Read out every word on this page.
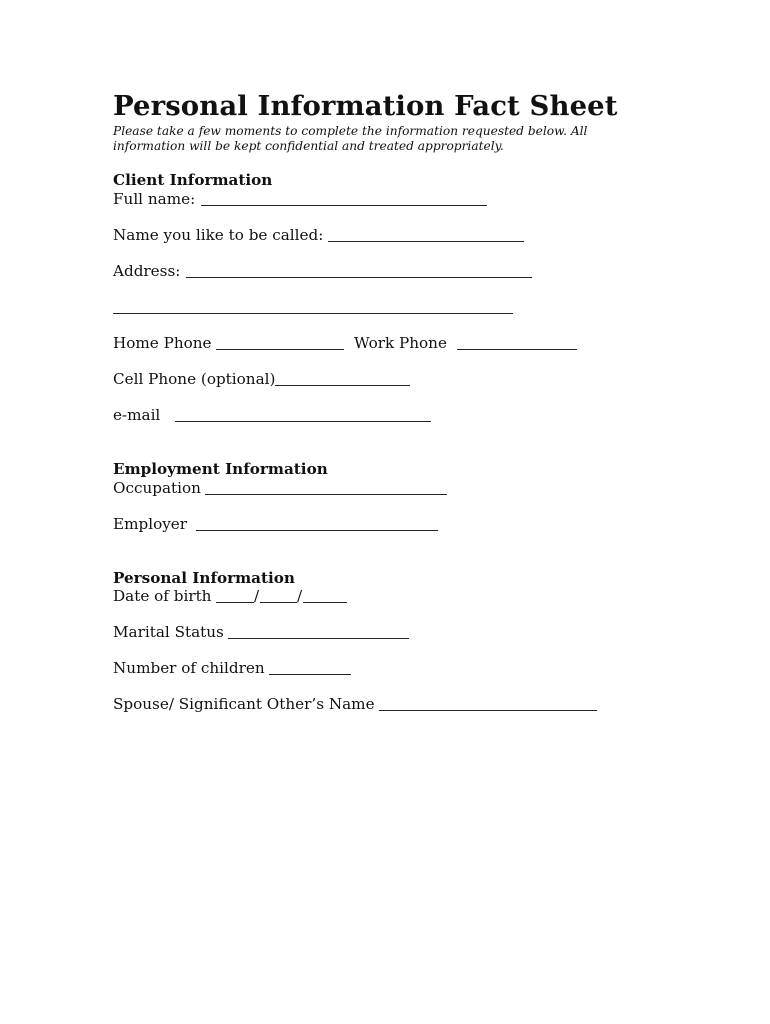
Personal Information Fact Sheet
Please take a few moments to complete the information requested below. All
information will be kept confidential and treated appropriately.
Client Information
Full name:
Name you like to be called:
Address:
Home Phone	Work Phone
Cell Phone (optional)
e-mail
Employment Information
Occupation
Employer
Personal Information
Date of birth	/ /
Marital Status
Number of children
Spouse/ Significant Other’s Name
